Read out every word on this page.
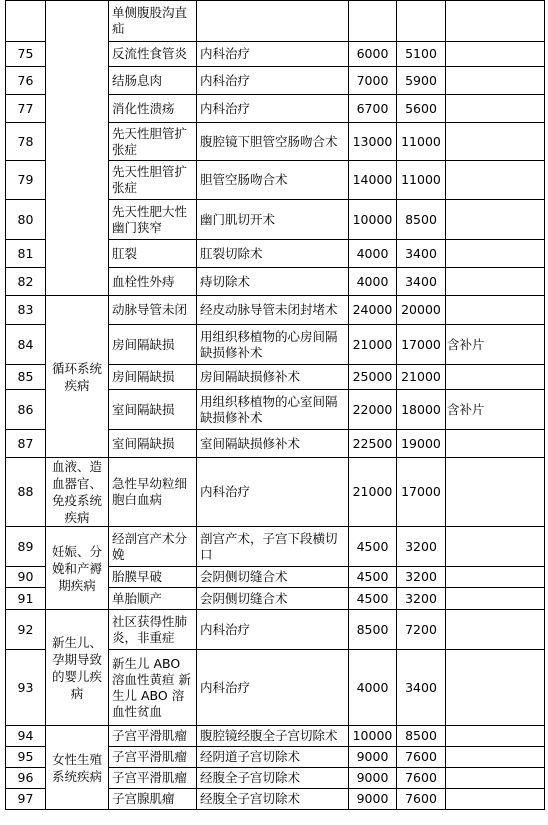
		单侧腹股沟直疝				
75		反流性食管炎	内科治疗	6000	5100	
76		结肠息肉	内科治疗	7000	5900	
77		消化性溃疡	内科治疗	6700	5600	
78		先天性胆管扩张症	腹腔镜下胆管空肠吻合术	13000	11000	
79		先天性胆管扩张症	胆管空肠吻合术	14000	11000	
80		先天性肥大性幽门狭窄	幽门肌切开术	10000	8500	
81		肛裂	肛裂切除术	4000	3400	
82		血栓性外痔	痔切除术	4000	3400	
83	循环系统疾病	动脉导管未闭	经皮动脉导管未闭封堵术	24000	20000	
84		房间隔缺损	用组织移植物的心房间隔缺损修补术	21000	17000	含补片
85		房间隔缺损	房间隔缺损修补术	25000	21000	
86		室间隔缺损	用组织移植物的心室间隔缺损修补术	22000	18000	含补片
87		室间隔缺损	室间隔缺损修补术	22500	19000	
88	血液、造血器官、免疫系统疾病	急性早幼粒细胞白血病	内科治疗	21000	17000	
89	妊娠、分娩和产褥期疾病	经剖宫产术分娩	剖宫产术，子宫下段横切口	4500	3200	
90		胎膜早破	会阴侧切缝合术	4500	3200	
91		单胎顺产	会阴侧切缝合术	4500	3200	
92	新生儿、孕期导致的婴儿疾病	社区获得性肺炎，非重症	内科治疗	8500	7200	
93		新生儿 ABO 溶血性黄疸 新生儿 ABO 溶血性贫血	内科治疗	4000	3400	
94	女性生殖系统疾病	子宫平滑肌瘤	腹腔镜经腹全子宫切除术	10000	8500	
95		子宫平滑肌瘤	经阴道子宫切除术	9000	7600	
96		子宫平滑肌瘤	经腹全子宫切除术	9000	7600	
97		子宫腺肌瘤	经腹全子宫切除术	9000	7600	
